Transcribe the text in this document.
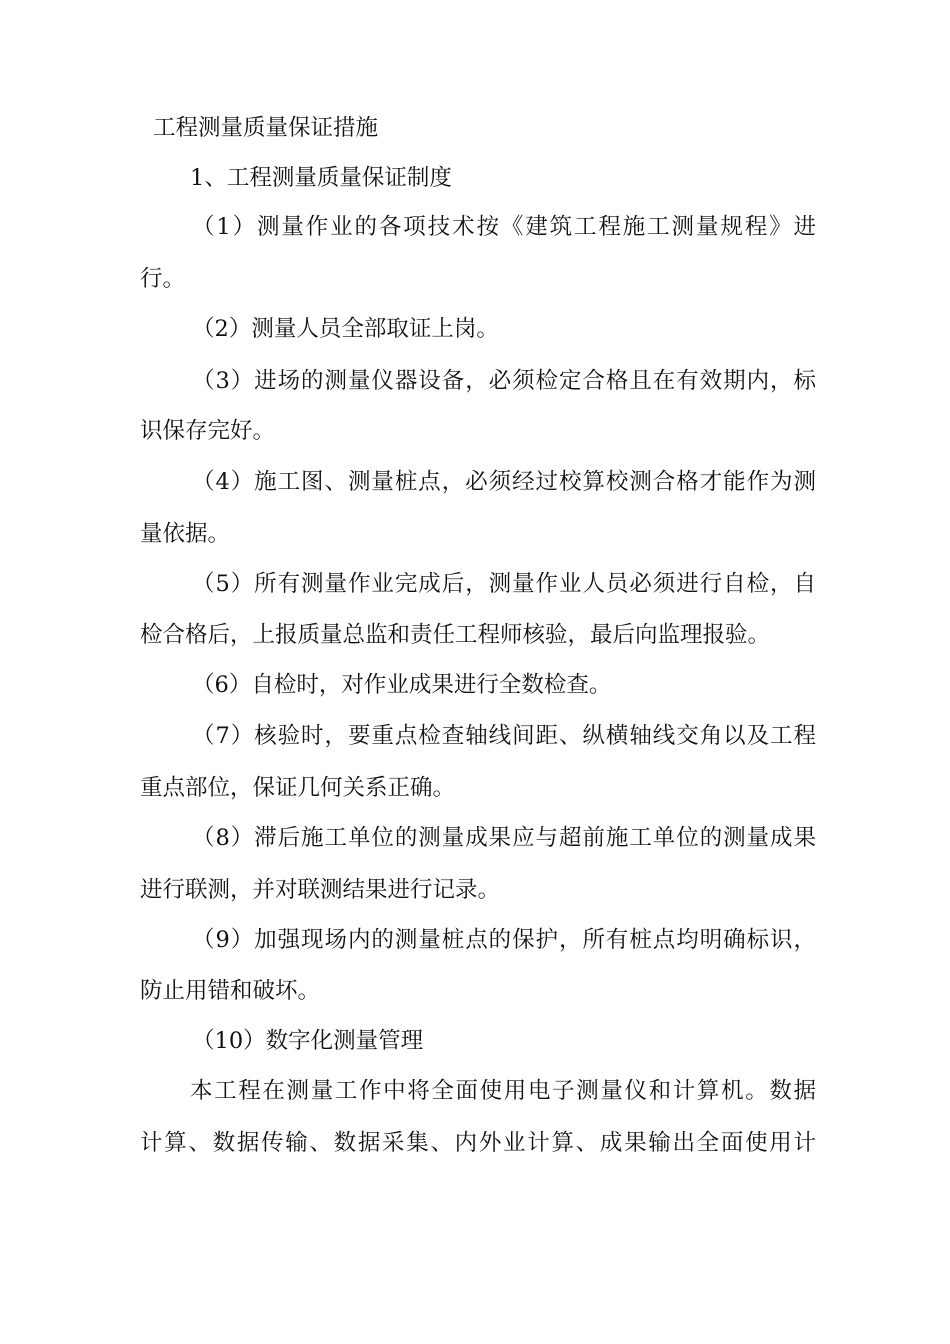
工程测量质量保证措施
1、工程测量质量保证制度
（1）测量作业的各项技术按《建筑工程施工测量规程》进
行。
（2）测量人员全部取证上岗。
（3）进场的测量仪器设备，必须检定合格且在有效期内，标
识保存完好。
（4）施工图、测量桩点，必须经过校算校测合格才能作为测
量依据。
（5）所有测量作业完成后，测量作业人员必须进行自检，自
检合格后，上报质量总监和责任工程师核验，最后向监理报验。
（6）自检时，对作业成果进行全数检查。
（7）核验时，要重点检查轴线间距、纵横轴线交角以及工程
重点部位，保证几何关系正确。
（8）滞后施工单位的测量成果应与超前施工单位的测量成果
进行联测，并对联测结果进行记录。
（9）加强现场内的测量桩点的保护，所有桩点均明确标识，
防止用错和破坏。
（10）数字化测量管理
本工程在测量工作中将全面使用电子测量仪和计算机。数据
计算、数据传输、数据采集、内外业计算、成果输出全面使用计
